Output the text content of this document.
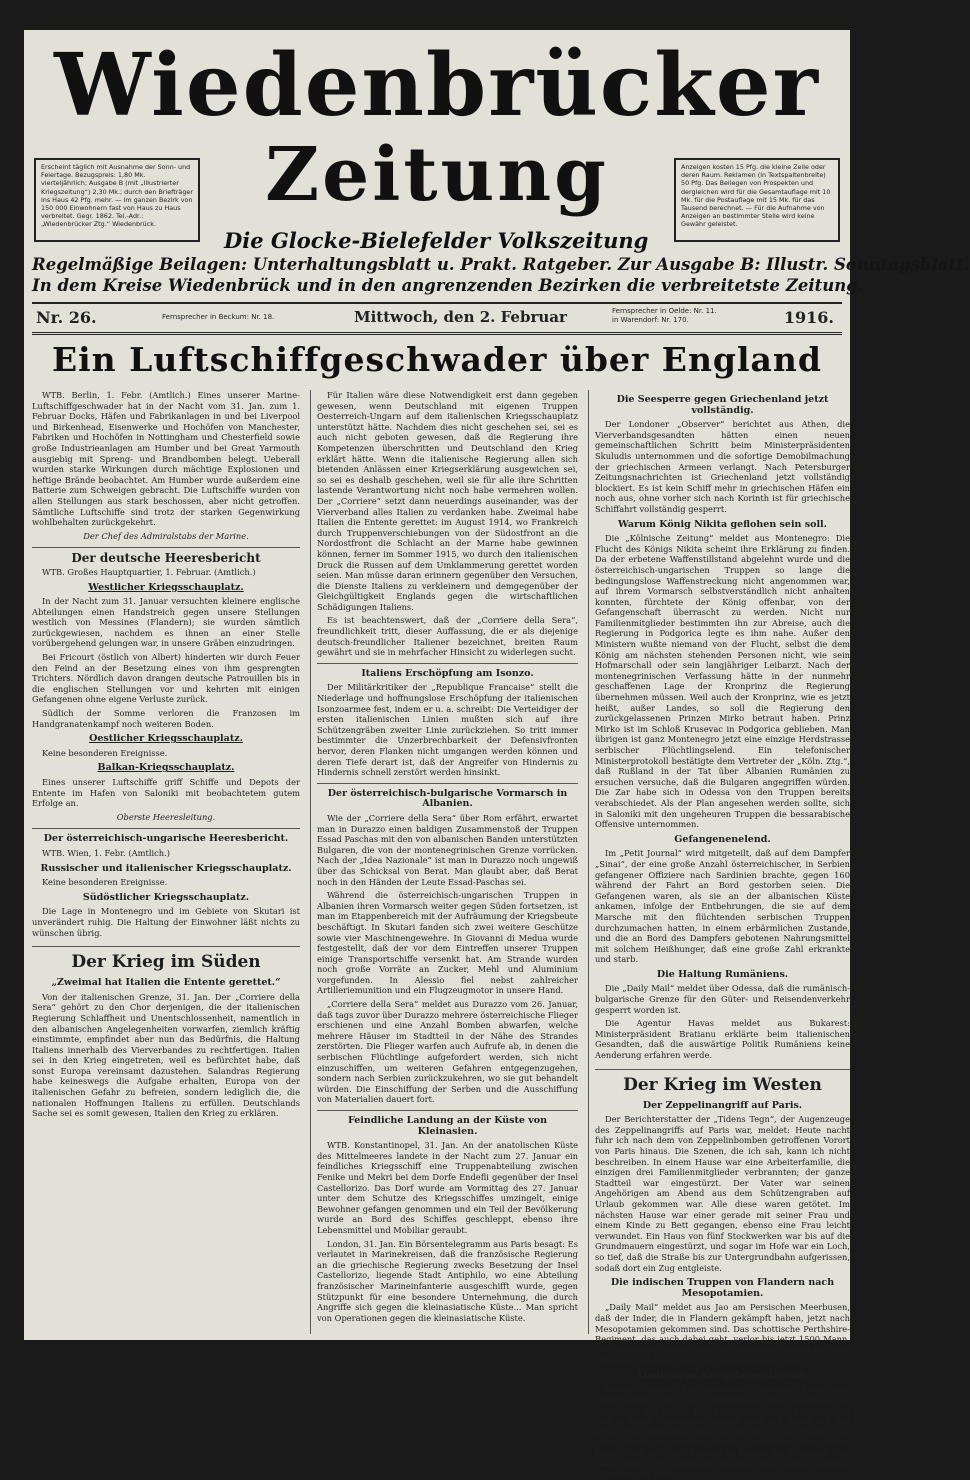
Wiedenbrücker
Zeitung
Erscheint täglich mit Ausnahme der Sonn- und Feiertage. Bezugspreis: 1,80 Mk. vierteljährlich; Ausgabe B (mit „Illustrierter Kriegszeitung“) 2,30 Mk.; durch den Briefträger ins Haus 42 Pfg. mehr. — Im ganzen Bezirk von 150 000 Einwohnern fast von Haus zu Haus verbreitet. Gegr. 1862. Tel.-Adr.: „Wiedenbrücker Ztg.“ Wiedenbrück.
Anzeigen kosten 15 Pfg. die kleine Zeile oder deren Raum. Reklamen (in Textspaltenbreite) 50 Pfg. Das Beilegen von Prospekten und dergleichen wird für die Gesamtauflage mit 10 Mk. für die Postauflage mit 15 Mk. für das Tausend berechnet. — Für die Aufnahme von Anzeigen an bestimmter Stelle wird keine Gewähr geleistet.
Die Glocke-Bielefelder Volkszeitung
Regelmäßige Beilagen: Unterhaltungsblatt u. Prakt. Ratgeber. Zur Ausgabe B: Illustr. Sonntagsblatt.
In dem Kreise Wiedenbrück und in den angrenzenden Bezirken die verbreitetste Zeitung.
Nr. 26.	Fernsprecher in Beckum: Nr. 18.	Mittwoch, den 2. Februar	Fernsprecher in Oelde: Nr. 11.
in Warendorf: Nr. 170.	1916.
Ein Luftschiffgeschwader über England

WTB. Berlin, 1. Febr. (Amtlich.) Eines unserer Marine-Luftschiffgeschwader hat in der Nacht vom 31. Jan. zum 1. Februar Docks, Häfen und Fabrikanlagen in und bei Liverpool und Birkenhead, Eisenwerke und Hochöfen von Manchester, Fabriken und Hochöfen in Nottingham und Chesterfield sowie große Industrieanlagen am Humber und bei Great Yarmouth ausgiebig mit Spreng- und Brandbomben belegt. Ueberall wurden starke Wirkungen durch mächtige Explosionen und heftige Brände beobachtet. Am Humber wurde außerdem eine Batterie zum Schweigen gebracht. Die Luftschiffe wurden von allen Stellungen aus stark beschossen, aber nicht getroffen. Sämtliche Luftschiffe sind trotz der starken Gegenwirkung wohlbehalten zurückgekehrt.

Der Chef des Admiralstabs der Marine.
Der deutsche Heeresbericht

WTB. Großes Hauptquartier, 1. Februar. (Amtlich.)

Westlicher Kriegsschauplatz.

In der Nacht zum 31. Januar versuchten kleinere englische Abteilungen einen Handstreich gegen unsere Stellungen westlich von Messines (Flandern); sie wurden sämtlich zurückgewiesen, nachdem es ihnen an einer Stelle vorübergehend gelungen war, in unsere Gräben einzudringen.

Bei Fricourt (östlich von Albert) hinderten wir durch Feuer den Feind an der Besetzung eines von ihm gesprengten Trichters. Nördlich davon drangen deutsche Patrouillen bis in die englischen Stellungen vor und kehrten mit einigen Gefangenen ohne eigene Verluste zurück.

Südlich der Somme verloren die Franzosen im Handgranatenkampf noch weiteren Boden.

Oestlicher Kriegsschauplatz.

Keine besonderen Ereignisse.

Balkan-Kriegsschauplatz.

Eines unserer Luftschiffe griff Schiffe und Depots der Entente im Hafen von Saloniki mit beobachtetem gutem Erfolge an.

Oberste Heeresleitung.
Der österreichisch-ungarische Heeresbericht.

WTB. Wien, 1. Febr. (Amtlich.)

Russischer und italienischer Kriegsschauplatz.

Keine besonderen Ereignisse.

Südöstlicher Kriegsschauplatz.

Die Lage in Montenegro und im Gebiete von Skutari ist unverändert ruhig. Die Haltung der Einwohner läßt nichts zu wünschen übrig.

Der Krieg im Süden
„Zweimal hat Italien die Entente gerettet.“

Von der italienischen Grenze, 31. Jan. Der „Corriere della Sera“ gehört zu den Chor derjenigen, die der italienischen Regierung Schlaffheit und Unentschlossenheit, namentlich in den albanischen Angelegenheiten vorwarfen, ziemlich kräftig einstimmte, empfindet aber nun das Bedürfnis, die Haltung Italiens innerhalb des Vierverbandes zu rechtfertigen. Italien sei in den Krieg eingetreten, weil es befürchtet habe, daß sonst Europa vereinsamt dazustehen. Salandras Regierung habe keineswegs die Aufgabe erhalten, Europa von der italienischen Gefahr zu befreien, sondern lediglich die, die nationalen Hoffnungen Italiens zu erfüllen. Deutschlands Sache sei es somit gewesen, Italien den Krieg zu erklären.

Für Italien wäre diese Notwendigkeit erst dann gegeben gewesen, wenn Deutschland mit eigenen Truppen Oesterreich-Ungarn auf dem italienischen Kriegsschauplatz unterstützt hätte. Nachdem dies nicht geschehen sei, sei es auch nicht geboten gewesen, daß die Regierung ihre Kompetenzen überschritten und Deutschland den Krieg erklärt hätte. Wenn die italienische Regierung allen sich bietenden Anlässen einer Kriegserklärung ausgewichen sei, so sei es deshalb geschehen, weil sie für alle ihre Schritten lastende Verantwortung nicht noch habe vermehren wollen. Der „Corriere“ setzt dann neuerdings auseinander, was der Vierverband alles Italien zu verdanken habe. Zweimal habe Italien die Entente gerettet: im August 1914, wo Frankreich durch Truppenverschiebungen von der Südostfront an die Nordostfront die Schlacht an der Marne habe gewinnen können, ferner im Sommer 1915, wo durch den italienischen Druck die Russen auf dem Umklammerung gerettet worden seien. Man müsse daran erinnern gegenüber den Versuchen, die Dienste Italiens zu verkleinern und demgegenüber der Gleichgültigkeit Englands gegen die wirtschaftlichen Schädigungen Italiens.

Es ist beachtenswert, daß der „Corriere della Sera“, freundlichkeit tritt, dieser Auffassung, die er als diejenige deutsch-freundlicher Italiener bezeichnet, breiten Raum gewährt und sie in mehrfacher Hinsicht zu widerlegen sucht.

Italiens Erschöpfung am Isonzo.

Der Militärkritiker der „Republique Francaise“ stellt die Niederlage und hoffnungslose Erschöpfung der italienischen Isonzoarmee fest, indem er u. a. schreibt: Die Verteidiger der ersten italienischen Linien mußten sich auf ihre Schützengräben zweiter Linie zurückziehen. So tritt immer bestimmter die Unzerbrechbarkeit der Defensivfronten hervor, deren Flanken nicht umgangen werden können und deren Tiefe derart ist, daß der Angreifer von Hindernis zu Hindernis schnell zerstört werden hinsinkt.

Der österreichisch-bulgarische Vormarsch in Albanien.

Wie der „Corriere della Sera“ über Rom erfährt, erwartet man in Durazzo einen baldigen Zusammenstoß der Truppen Essad Paschas mit den von albanischen Banden unterstützten Bulgaren, die von der montenegrinischen Grenze vorrücken. Nach der „Idea Nazionale“ ist man in Durazzo noch ungewiß über das Schicksal von Berat. Man glaubt aber, daß Berat noch in den Händen der Leute Essad-Paschas sei.

Während die österreichisch-ungarischen Truppen in Albanien ihren Vormarsch weiter gegen Süden fortsetzen, ist man im Etappenbereich mit der Aufräumung der Kriegsbeute beschäftigt. In Skutari fanden sich zwei weitere Geschütze sowie vier Maschinengewehre. In Giovanni di Medua wurde festgestellt, daß der vor dem Eintreffen unserer Truppen einige Transportschiffe versenkt hat. Am Strande wurden noch große Vorräte an Zucker, Mehl und Aluminium vorgefunden. In Alessio fiel nebst zahlreicher Artilleriemunition und ein Flugzeugmotor in unsere Hand.

„Corriere della Sera“ meldet aus Durazzo vom 26. Januar, daß tags zuvor über Durazzo mehrere österreichische Flieger erschienen und eine Anzahl Bomben abwarfen, welche mehrere Häuser im Stadtteil in der Nähe des Strandes zerstörten. Die Flieger warfen auch Aufrufe ab, in denen die serbischen Flüchtlinge aufgefordert werden, sich nicht einzuschiffen, um weiteren Gefahren entgegenzugehen, sondern nach Serbien zurückzukehren, wo sie gut behandelt würden. Die Einschiffung der Serben und die Ausschiffung von Materialien dauert fort.

Feindliche Landung an der Küste von Kleinasien.

WTB. Konstantinopel, 31. Jan. An der anatolischen Küste des Mittelmeeres landete in der Nacht zum 27. Januar ein feindliches Kriegsschiff eine Truppenabteilung zwischen Fenike und Mekri bei dem Dorfe Endefli gegenüber der Insel Castellorizo. Das Dorf wurde am Vormittag des 27. Januar unter dem Schutze des Kriegsschiffes umzingelt, einige Bewohner gefangen genommen und ein Teil der Bevölkerung wurde an Bord des Schiffes geschleppt, ebenso ihre Lebensmittel und Mobiliar geraubt.

London, 31. Jan. Ein Börsentelegramm aus Paris besagt: Es verlautet in Marinekreisen, daß die französische Regierung an die griechische Regierung zwecks Besetzung der Insel Castellorizo, liegende Stadt Antiphilo, wo eine Abteilung französischer Marineinfanterie ausgeschifft wurde, gegen Stützpunkt für eine besondere Unternehmung, die durch Angriffe sich gegen die kleinasiatische Küste... Man spricht von Operationen gegen die kleinasiatische Küste.

Die Seesperre gegen Griechenland jetzt vollständig.

Der Londoner „Observer“ berichtet aus Athen, die Vierverbandsgesandten hätten einen neuen gemeinschaftlichen Schritt beim Ministerpräsidenten Skuludis unternommen und die sofortige Demobilmachung der griechischen Armeen verlangt. Nach Petersburger Zeitungsnachrichten ist Griechenland jetzt vollständig blockiert. Es ist kein Schiff mehr in griechischen Häfen ein noch aus, ohne vorher sich nach Korinth ist für griechische Schiffahrt vollständig gesperrt.

Warum König Nikita geflohen sein soll.

Die „Kölnische Zeitung“ meldet aus Montenegro: Die Flucht des Königs Nikita scheint ihre Erklärung zu finden. Da der erbetene Waffenstillstand abgelehnt wurde und die österreichisch-ungarischen Truppen so lange die bedingungslose Waffenstreckung nicht angenommen war, auf ihrem Vormarsch selbstverständlich nicht anhalten konnten, fürchtete der König offenbar, von der Gefangenschaft überrascht zu werden. Nicht nur Familienmitglieder bestimmten ihn zur Abreise, auch die Regierung in Podgorica legte es ihm nahe. Außer den Ministern wußte niemand von der Flucht, selbst die dem König am nächsten stehenden Personen nicht, wie sein Hofmarschall oder sein langjähriger Leibarzt. Nach der montenegrinischen Verfassung hätte in der nunmehr geschaffenen Lage der Kronprinz die Regierung übernehmen müssen. Weil auch der Kronprinz, wie es jetzt heißt, außer Landes, so soll die Regierung den zurückgelassenen Prinzen Mirko betraut haben. Prinz Mirko ist im Schloß Krusevac in Podgorica geblieben. Man übrigen ist ganz Montenegro jetzt eine einzige Herdstrasse serbischer Flüchtlingselend. Ein telefonischer Ministerprotokoll bestätigte dem Vertreter der „Köln. Ztg.“, daß Rußland in der Tat über Albanien Rumänien zu ersuchen versuche, daß die Bulgaren angegriffen würden. Die Zar habe sich in Odessa von den Truppen bereits verabschiedet. Als der Plan angesehen werden sollte, sich in Saloniki mit den ungeheuren Truppen die bessarabische Offensive unternommen.

Gefangenenelend.

Im „Petit Journal“ wird mitgeteilt, daß auf dem Dampfer „Sinai“, der eine große Anzahl österreichischer, in Serbien gefangener Offiziere nach Sardinien brachte, gegen 160 während der Fahrt an Bord gestorben seien. Die Gefangenen waren, als sie an der albanischen Küste ankamen, infolge der Entbehrungen, die sie auf dem Marsche mit den flüchtenden serbischen Truppen durchzumachen hatten, in einem erbärmlichen Zustande, und die an Bord des Dampfers gebotenen Nahrungsmittel mit solchem Heißhunger, daß eine große Zahl erkrankte und starb.

Die Haltung Rumäniens.

Die „Daily Mail“ meldet über Odessa, daß die rumänisch-bulgarische Grenze für den Güter- und Reisendenverkehr gesperrt worden ist.

Die Agentur Havas meldet aus Bukarest: Ministerpräsident Bratianu erklärte beim italienischen Gesandten, daß die auswärtige Politik Rumäniens keine Aenderung erfahren werde.

Der Krieg im Westen
Der Zeppelinangriff auf Paris.

Der Berichterstatter der „Tidens Tegn“, der Augenzeuge des Zeppelinangriffs auf Paris war, meldet: Heute nacht fuhr ich nach dem von Zeppelinbomben getroffenen Vorort von Paris hinaus. Die Szenen, die ich sah, kann ich nicht beschreiben. In einem Hause war eine Arbeiterfamilie, die einzigen drei Familienmitglieder verbrannten; der ganze Stadtteil war eingestürzt. Der Vater war seinen Angehörigen am Abend aus dem Schützengraben auf Urlaub gekommen war. Alle diese waren getötet. Im nächsten Hause war einer gerade mit seiner Frau und einem Kinde zu Bett gegangen, ebenso eine Frau leicht verwundet. Ein Haus von fünf Stockwerken war bis auf die Grundmauern eingestürzt, und sogar im Hofe war ein Loch, so tief, daß die Straße bis zur Untergrundbahn aufgerissen, sodaß dort ein Zug entgleiste.

Die indischen Truppen von Flandern nach Mesopotamien.

„Daily Mail“ meldet aus Jao am Persischen Meerbusen, daß der Inder, die in Flandern gekämpft haben, jetzt nach Mesopotamien gekommen sind. Das schottische Perthshire-Regiment, das auch dabei geht, verlor bis jetzt 1500 Mann. Von dem ursprünglich indischen Regiment bleiben nur zwei Offiziere und 2000 Mann zur Neuformation übrig.

Australiens Kriegsbegeisterung.

Reuter meldet: Ein Londoner Journalist hatte eine Unterredung mit dem Kommissar der australischen Regierung in London. Der Kommissar sagte: In Australien gibt es keine Meinungsverschiedenheit mit Bezug auf den Krieg. Die Australier sind bei Ausbruch des Krieges wie einer Mann eingetreten. Meine Landsleute sind immer bereit, dem Rufe des Reiches zu folgen. Sie erkennen, daß dieser Krieg ein Kraftprobe zwischen den beiden stärksten Nationen der Welt ist.
